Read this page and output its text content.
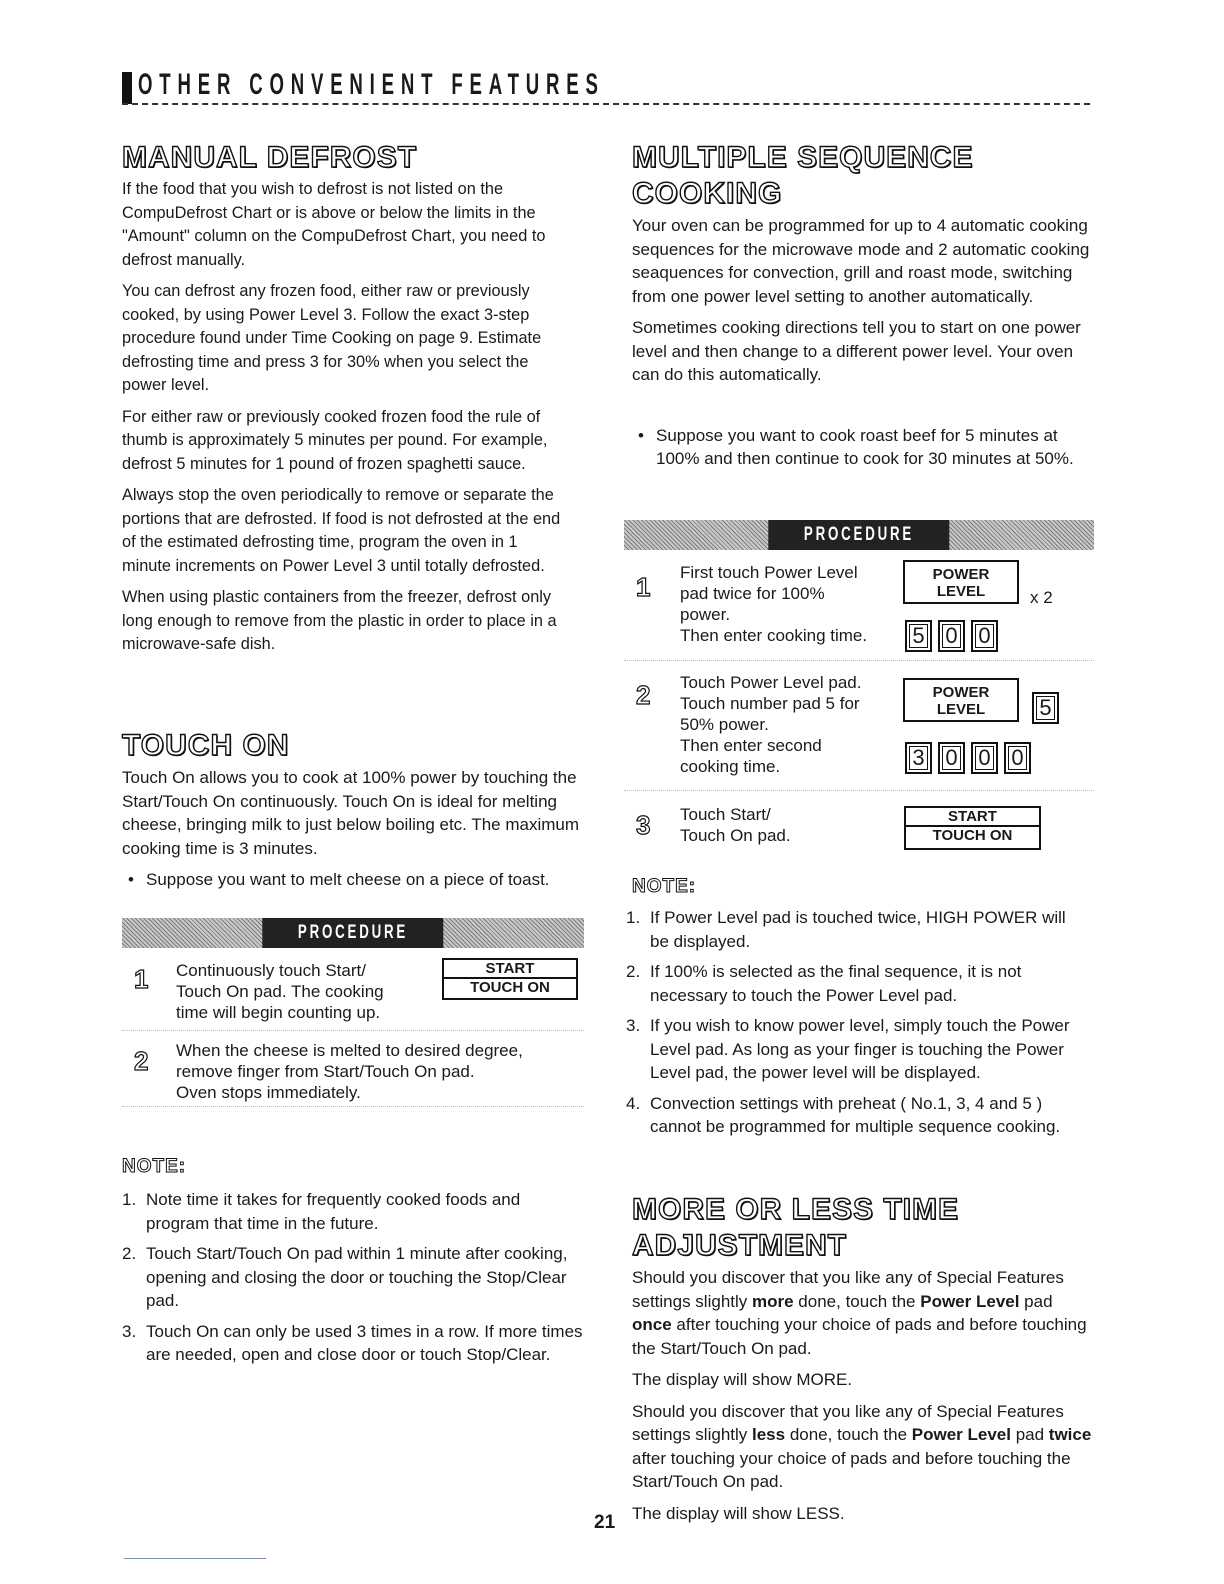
OTHER CONVENIENT FEATURES
MANUAL DEFROST

If the food that you wish to defrost is not listed on the CompuDefrost Chart or is above or below the limits in the "Amount" column on the CompuDefrost Chart, you need to defrost manually.

You can defrost any frozen food, either raw or previously cooked, by using Power Level 3. Follow the exact 3-step procedure found under Time Cooking on page 9. Estimate defrosting time and press 3 for 30% when you select the power level.

For either raw or previously cooked frozen food the rule of thumb is approximately 5 minutes per pound. For example, defrost 5 minutes for 1 pound of frozen spaghetti sauce.

Always stop the oven periodically to remove or separate the portions that are defrosted. If food is not defrosted at the end of the estimated defrosting time, program the oven in 1 minute increments on Power Level 3 until totally defrosted.

When using plastic containers from the freezer, defrost only long enough to remove from the plastic in order to place in a microwave-safe dish.

TOUCH ON

Touch On allows you to cook at 100% power by touching the Start/Touch On continuously. Touch On is ideal for melting cheese, bringing milk to just below boiling etc. The maximum cooking time is 3 minutes.

• Suppose you want to melt cheese on a piece of toast.

PROCEDURE
1 Continuously touch Start/
Touch On pad. The cooking
time will begin counting up.
START
TOUCH ON
2 When the cheese is melted to desired degree,
remove finger from Start/Touch On pad.
Oven stops immediately.
NOTE:
1. Note time it takes for frequently cooked foods and program that time in the future.
2. Touch Start/Touch On pad within 1 minute after cooking, opening and closing the door or touching the Stop/Clear pad.
3. Touch On can only be used 3 times in a row. If more times are needed, open and close door or touch Stop/Clear.
MULTIPLE SEQUENCE
COOKING

Your oven can be programmed for up to 4 automatic cooking sequences for the microwave mode and 2 automatic cooking seaquences for convection, grill and roast mode, switching from one power level setting to another automatically.

Sometimes cooking directions tell you to start on one power level and then change to a different power level. Your oven can do this automatically.

• Suppose you want to cook roast beef for 5 minutes at 100% and then continue to cook for 30 minutes at 50%.

PROCEDURE
1 First touch Power Level
pad twice for 100%
power.
Then enter cooking time.
POWER
LEVEL	x 2
5 0 0
2 Touch Power Level pad.
Touch number pad 5 for
50% power.
Then enter second
cooking time.
POWER
LEVEL	5
3 0 0 0
3 Touch Start/
Touch On pad.
START
TOUCH ON
NOTE:
1. If Power Level pad is touched twice, HIGH POWER will be displayed.
2. If 100% is selected as the final sequence, it is not necessary to touch the Power Level pad.
3. If you wish to know power level, simply touch the Power Level pad. As long as your finger is touching the Power Level pad, the power level will be displayed.
4. Convection settings with preheat ( No.1, 3, 4 and 5 ) cannot be programmed for multiple sequence cooking.
MORE OR LESS TIME
ADJUSTMENT

Should you discover that you like any of Special Features settings slightly more done, touch the Power Level pad once after touching your choice of pads and before touching the Start/Touch On pad.

The display will show MORE.

Should you discover that you like any of Special Features settings slightly less done, touch the Power Level pad twice after touching your choice of pads and before touching the Start/Touch On pad.

The display will show LESS.

21
